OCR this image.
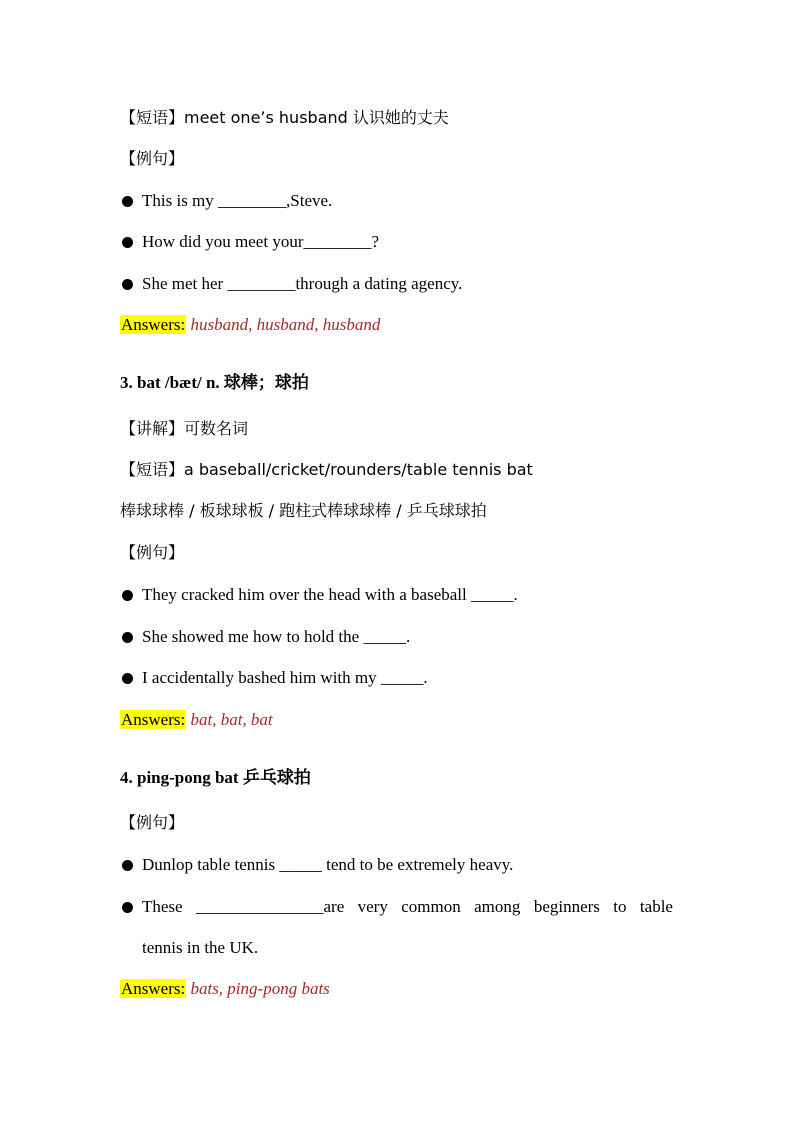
【短语】meet one’s husband 认识她的丈夫
【例句】
This is my ________,Steve.
How did you meet your________?
She met her ________through a dating agency.
Answers: husband, husband, husband
3. bat /bæt/ n. 球棒；球拍
【讲解】可数名词
【短语】a baseball/cricket/rounders/table tennis bat
棒球球棒 / 板球球板 / 跑柱式棒球球棒 / 乒乓球球拍
【例句】
They cracked him over the head with a baseball _____.
She showed me how to hold the _____.
I accidentally bashed him with my _____.
Answers: bat, bat, bat
4. ping-pong bat 乒乓球拍
【例句】
Dunlop table tennis _____ tend to be extremely heavy.
These _______________are very common among beginners to table
tennis in the UK.
Answers: bats, ping-pong bats
